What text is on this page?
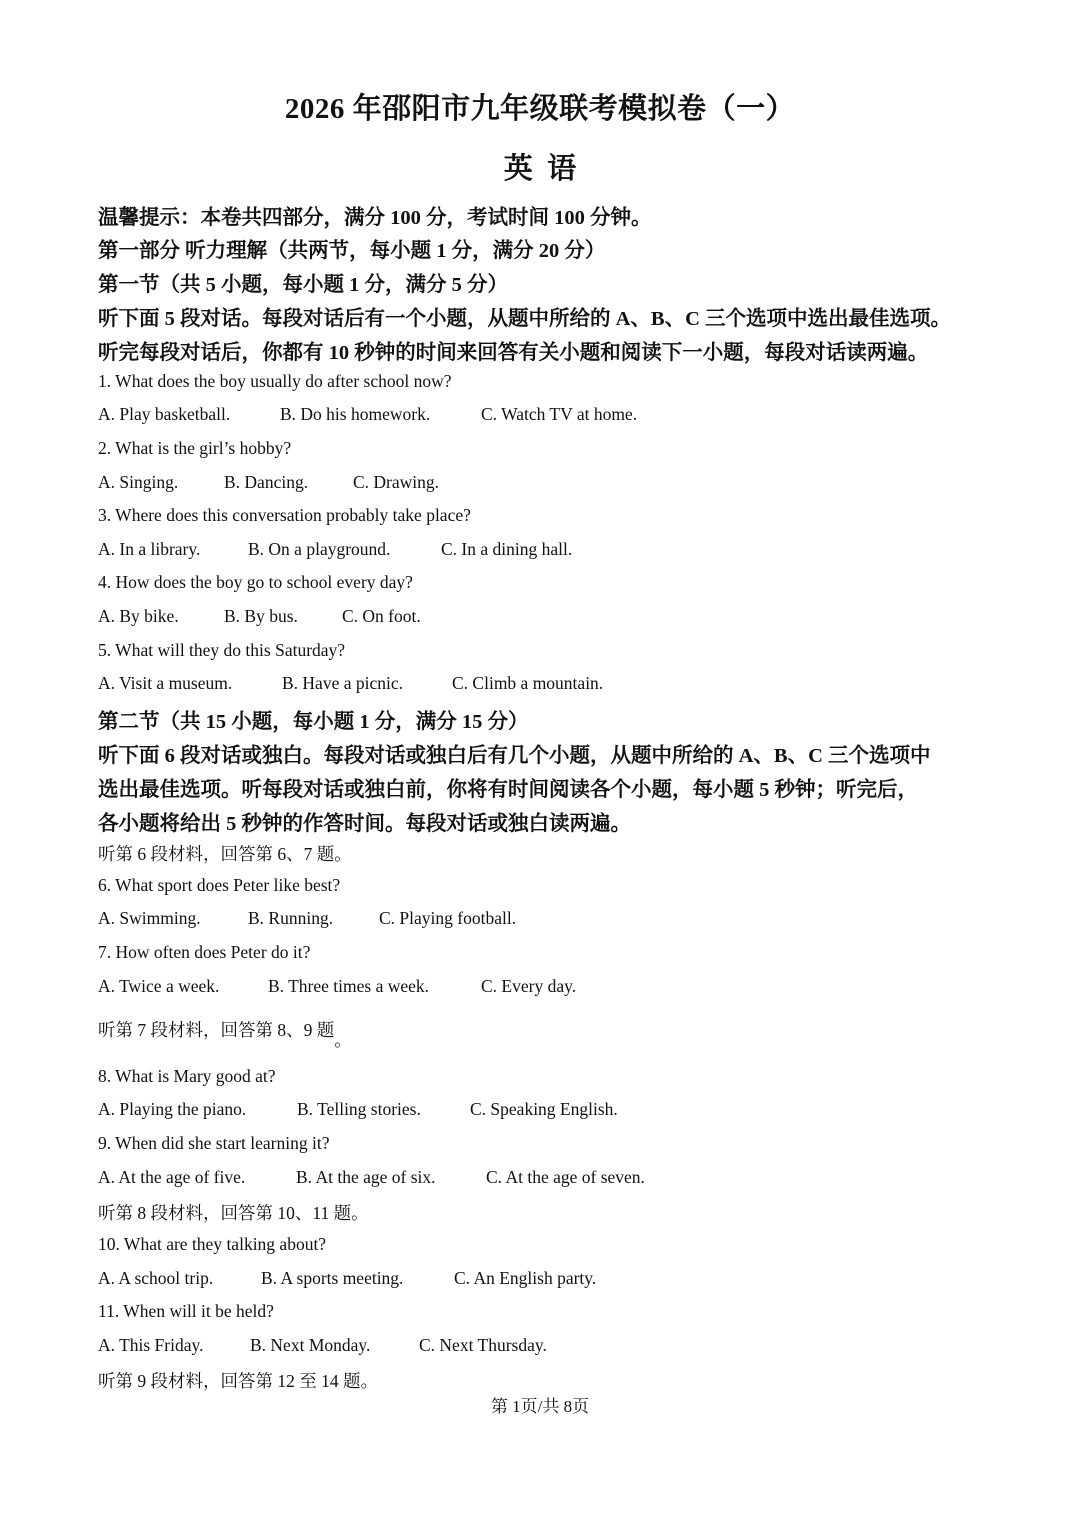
2026 年邵阳市九年级联考模拟卷（一）
英  语
温馨提示：本卷共四部分，满分 100 分，考试时间 100 分钟。
第一部分 听力理解（共两节，每小题 1 分，满分 20 分）
第一节（共 5 小题，每小题 1 分，满分 5 分）
听下面 5 段对话。每段对话后有一个小题，从题中所给的 A、B、C 三个选项中选出最佳选项。
听完每段对话后，你都有 10 秒钟的时间来回答有关小题和阅读下一小题，每段对话读两遍。
1. What does the boy usually do after school now?
A. Play basketball.	B. Do his homework.	C. Watch TV at home.
2. What is the girl’s hobby?
A. Singing.	B. Dancing.	C. Drawing.
3. Where does this conversation probably take place?
A. In a library.	B. On a playground.	C. In a dining hall.
4. How does the boy go to school every day?
A. By bike.	B. By bus.	C. On foot.
5. What will they do this Saturday?
A. Visit a museum.	B. Have a picnic.	C. Climb a mountain.
第二节（共 15 小题，每小题 1 分，满分 15 分）
听下面 6 段对话或独白。每段对话或独白后有几个小题，从题中所给的 A、B、C 三个选项中
选出最佳选项。听每段对话或独白前，你将有时间阅读各个小题，每小题 5 秒钟；听完后，
各小题将给出 5 秒钟的作答时间。每段对话或独白读两遍。
听第 6 段材料，回答第 6、7 题。
6. What sport does Peter like best?
A. Swimming.	B. Running.	C. Playing football.
7. How often does Peter do it?
A. Twice a week.	B. Three times a week.	C. Every day.
听第 7 段材料，回答第 8、9 题。
8. What is Mary good at?
A. Playing the piano.	B. Telling stories.	C. Speaking English.
9. When did she start learning it?
A. At the age of five.	B. At the age of six.	C. At the age of seven.
听第 8 段材料，回答第 10、11 题。
10. What are they talking about?
A. A school trip.	B. A sports meeting.	C. An English party.
11. When will it be held?
A. This Friday.	B. Next Monday.	C. Next Thursday.
听第 9 段材料，回答第 12 至 14 题。
第 1页/共 8页
